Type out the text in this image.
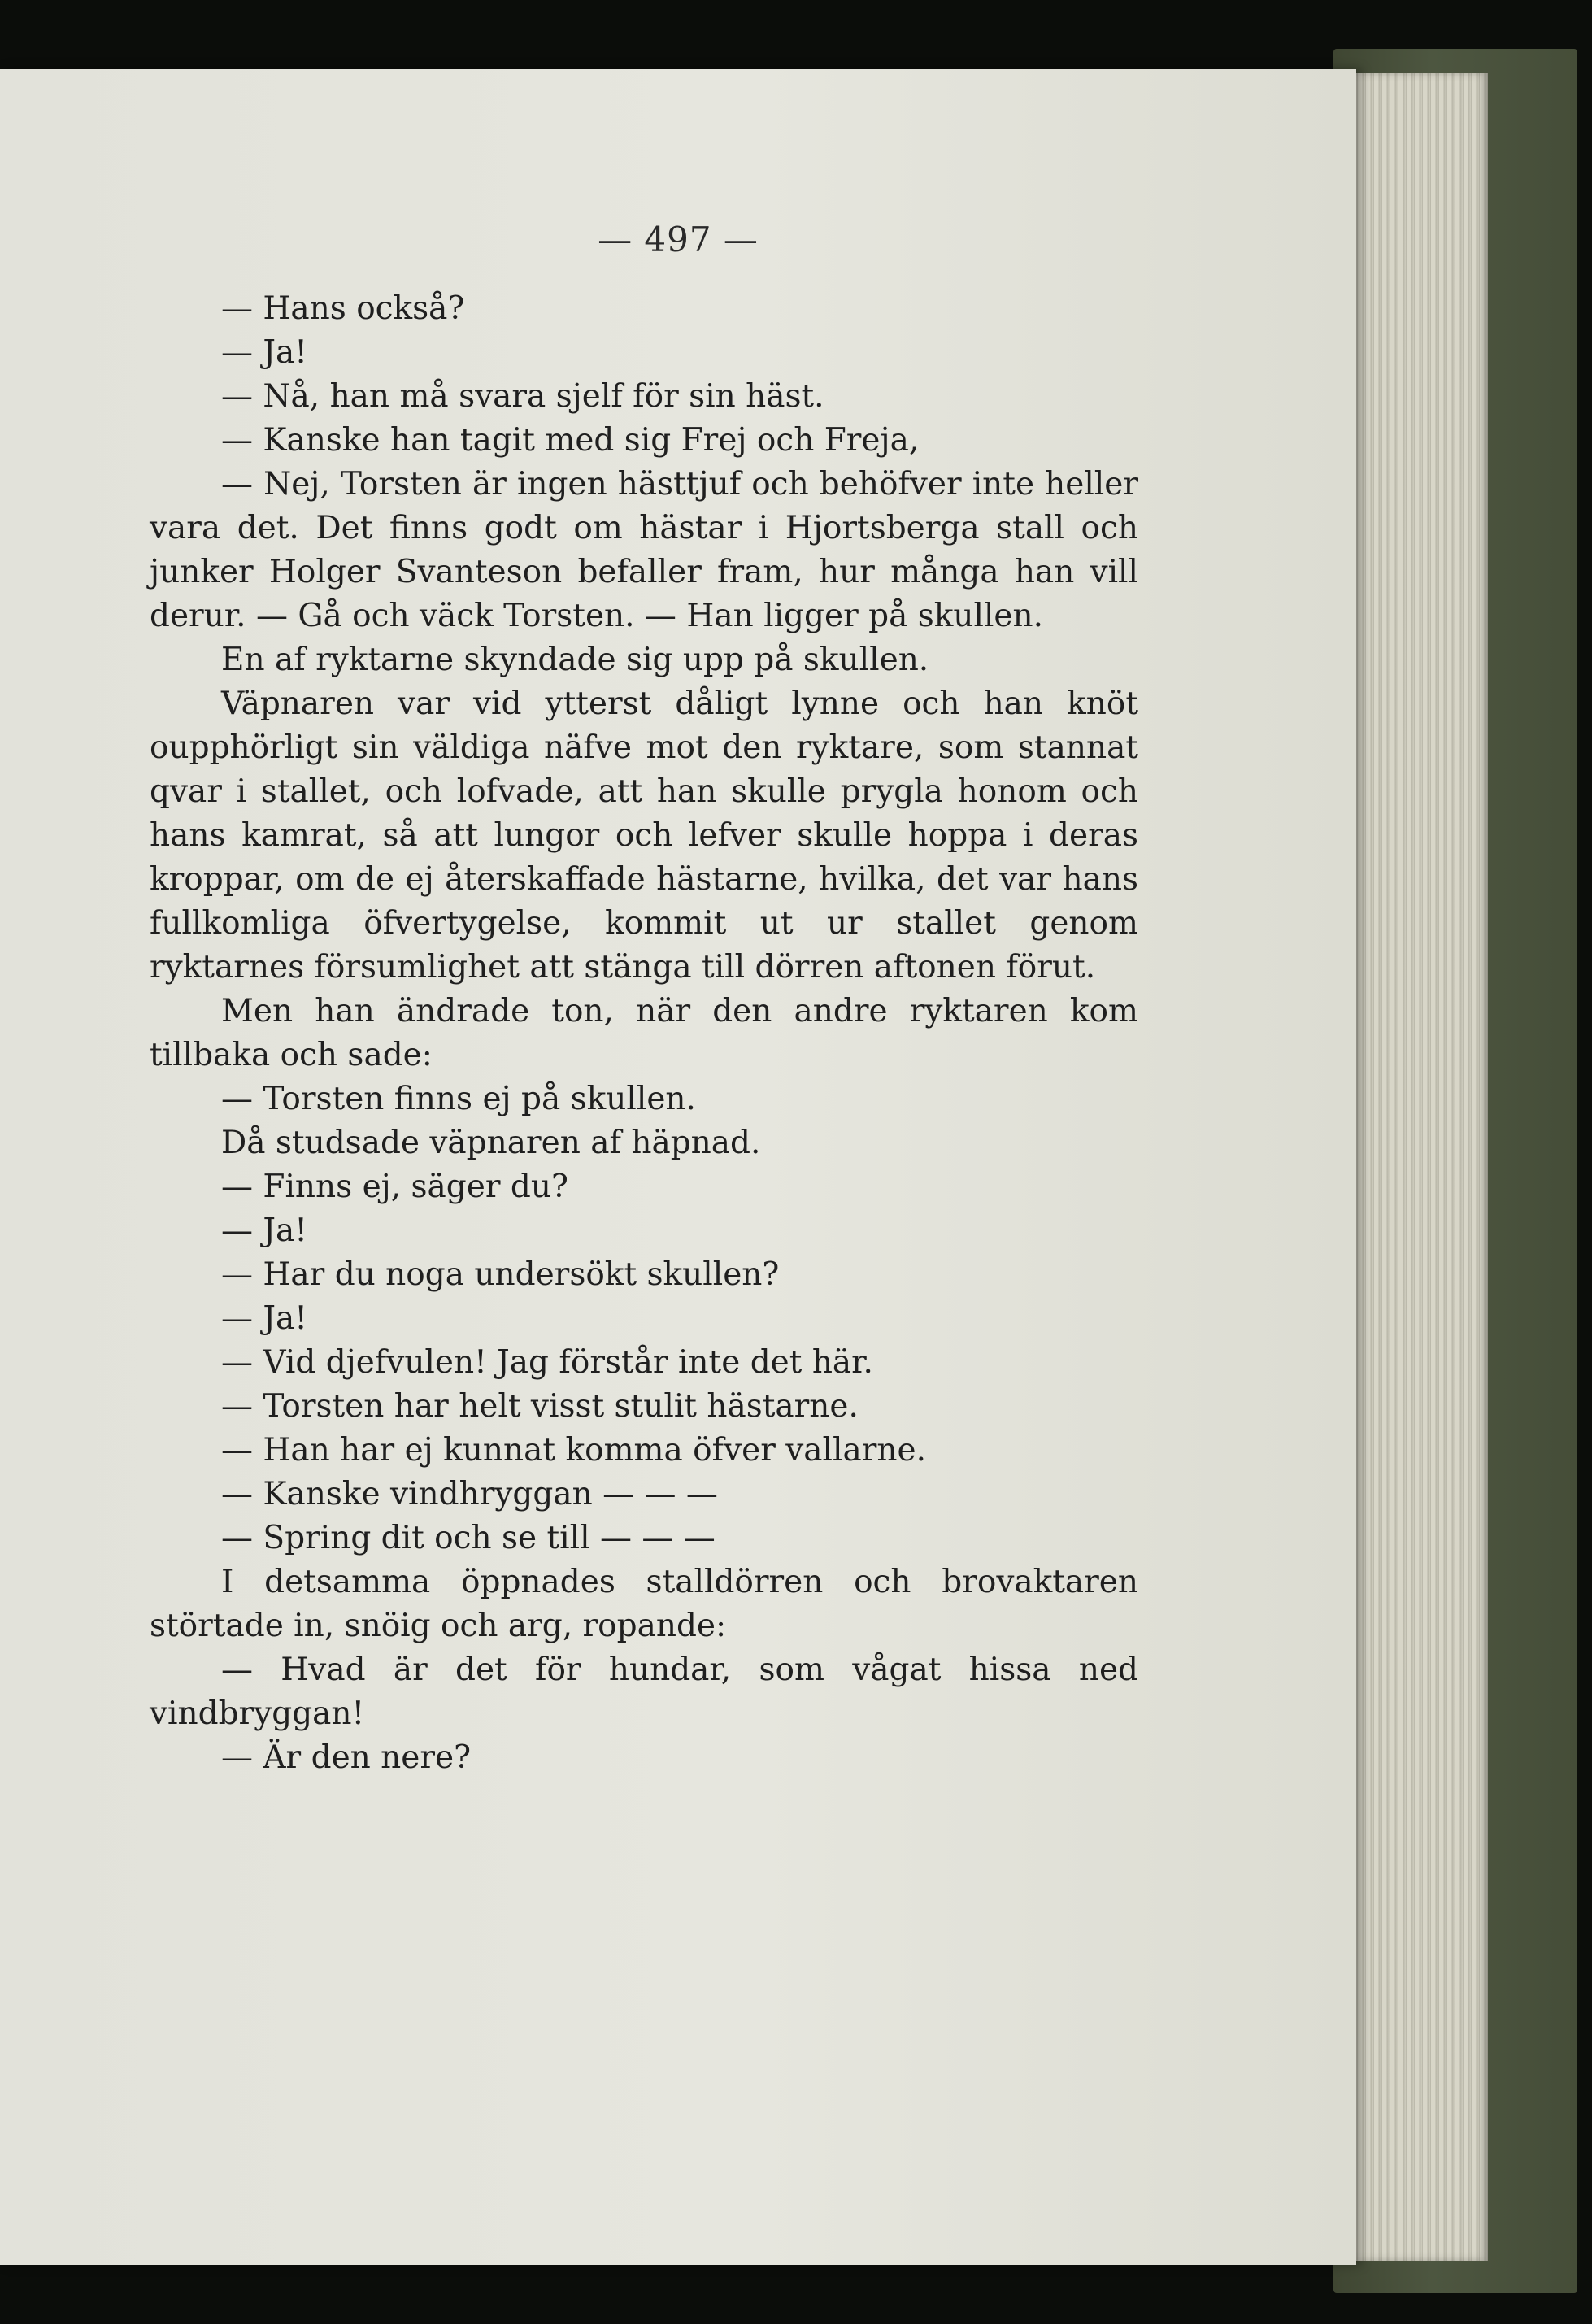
— 497 —

— Hans också?

— Ja!

— Nå, han må svara sjelf för sin häst.

— Kanske han tagit med sig Frej och Freja,

— Nej, Torsten är ingen hästtjuf och behöfver inte heller vara det. Det finns godt om hästar i Hjortsberga stall och junker Holger Svanteson befaller fram, hur många han vill derur. — Gå och väck Torsten. — Han ligger på skullen.

En af ryktarne skyndade sig upp på skullen.

Väpnaren var vid ytterst dåligt lynne och han knöt oupphörligt sin väldiga näfve mot den ryktare, som stannat qvar i stallet, och lofvade, att han skulle prygla honom och hans kamrat, så att lungor och lefver skulle hoppa i deras kroppar, om de ej återskaffade hästarne, hvilka, det var hans fullkomliga öfvertygelse, kommit ut ur stallet genom ryktarnes försumlighet att stänga till dörren aftonen förut.

Men han ändrade ton, när den andre ryktaren kom tillbaka och sade:

— Torsten finns ej på skullen.

Då studsade väpnaren af häpnad.

— Finns ej, säger du?

— Ja!

— Har du noga undersökt skullen?

— Ja!

— Vid djefvulen! Jag förstår inte det här.

— Torsten har helt visst stulit hästarne.

— Han har ej kunnat komma öfver vallarne.

— Kanske vindhryggan — — —

— Spring dit och se till — — —

I detsamma öppnades stalldörren och brovaktaren störtade in, snöig och arg, ropande:

— Hvad är det för hundar, som vågat hissa ned vindbryggan!

— Är den nere?
